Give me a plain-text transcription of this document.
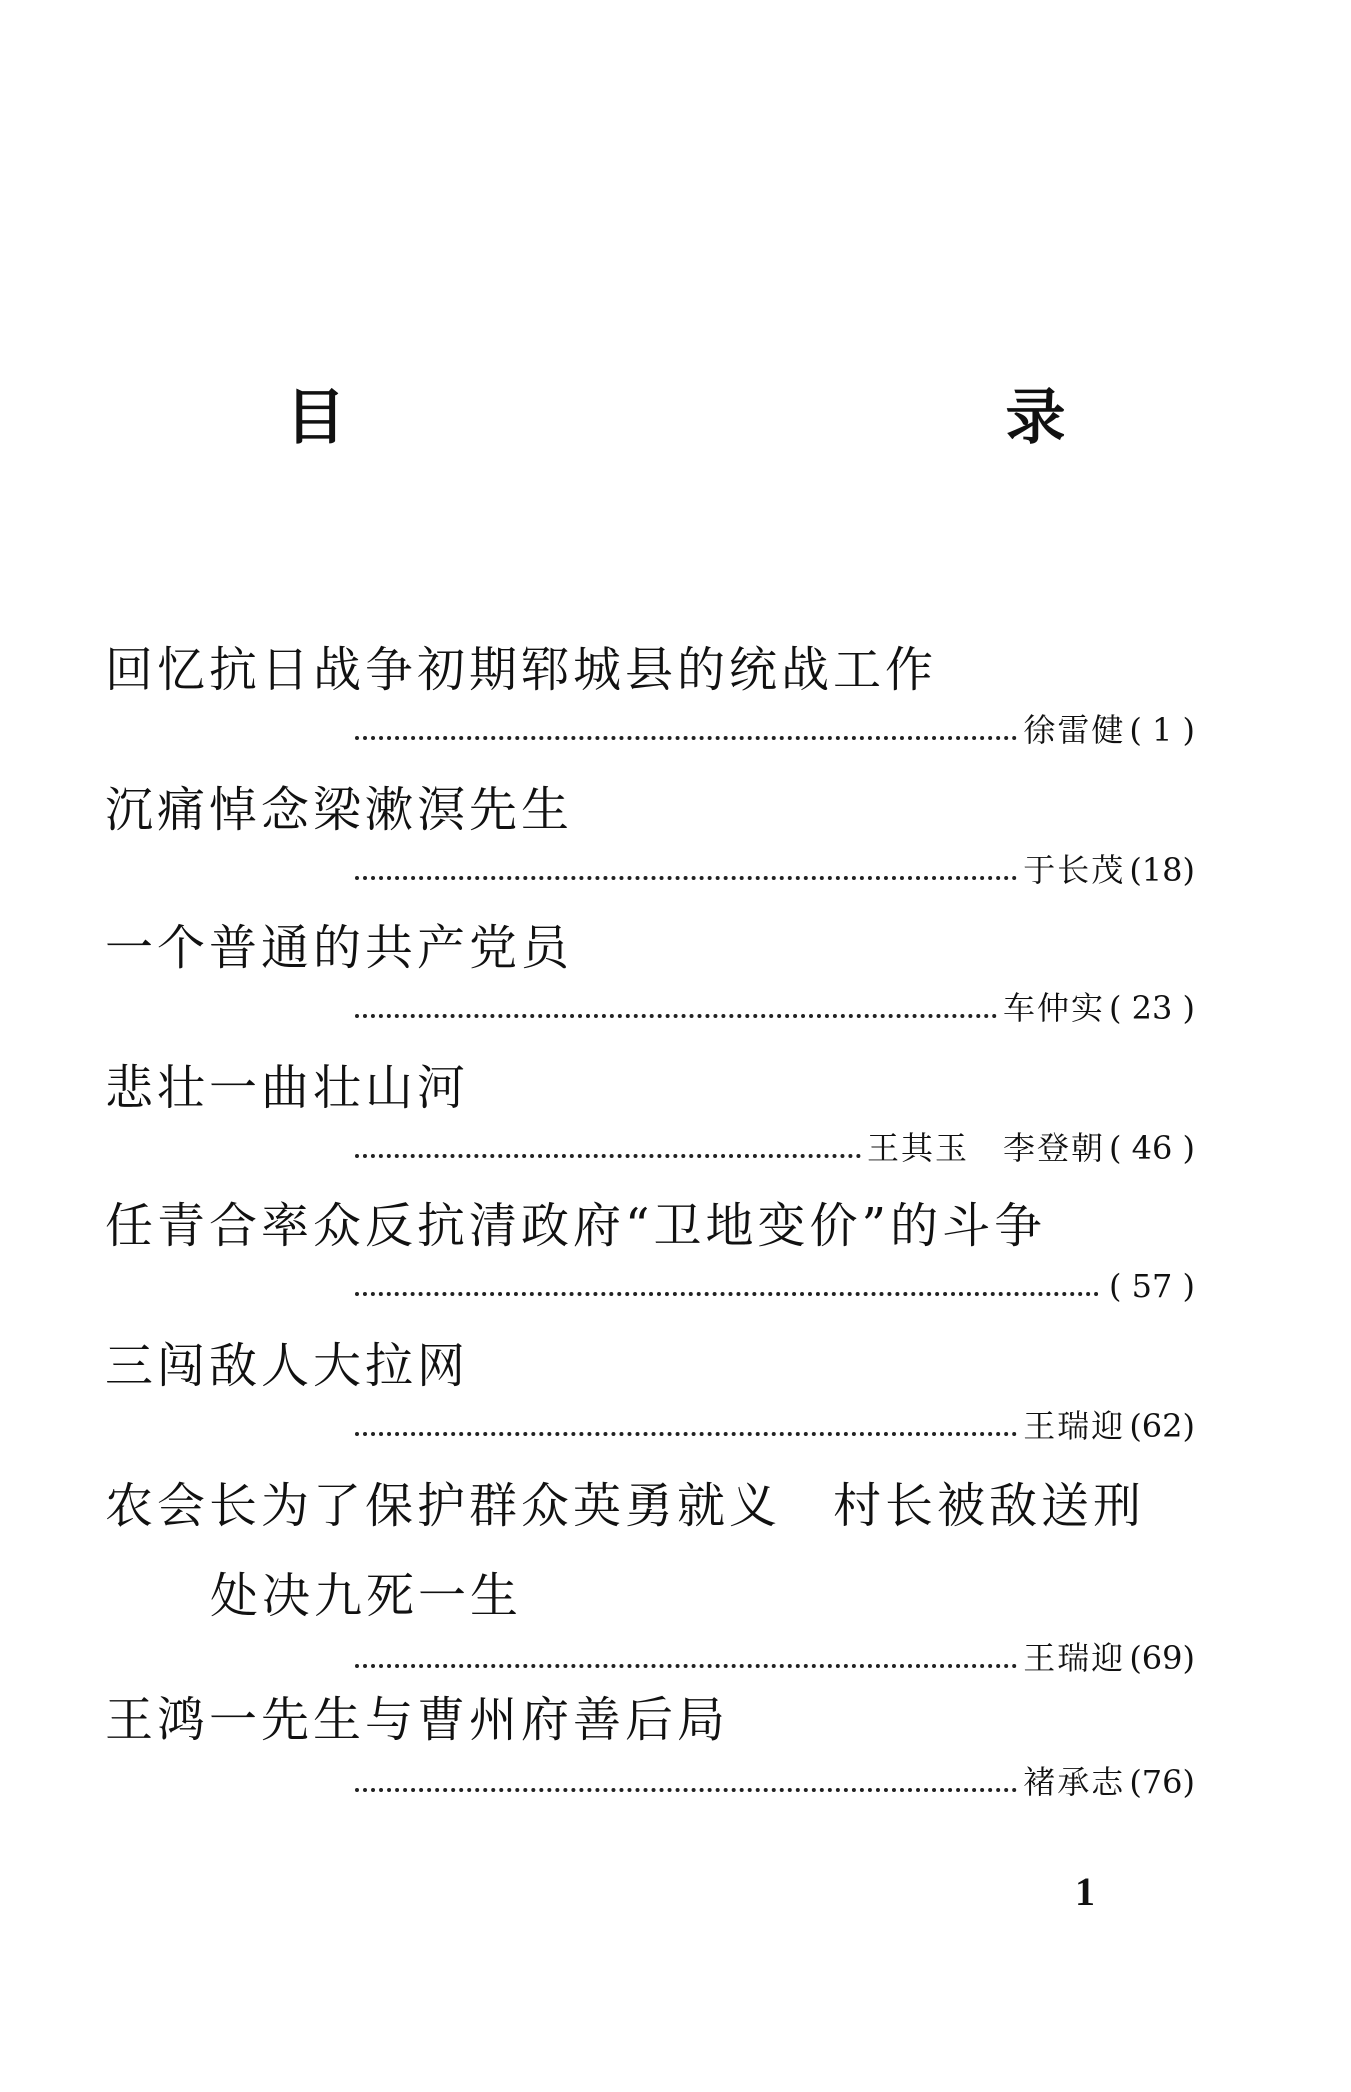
目　　录
回忆抗日战争初期郓城县的统战工作
徐雷健 ( 1 )
沉痛悼念梁漱溟先生
于长茂 (18)
一个普通的共产党员
车仲实 ( 23 )
悲壮一曲壮山河
王其玉　李登朝 ( 46 )
任青合率众反抗清政府“卫地变价”的斗争
( 57 )
三闯敌人大拉网
王瑞迎 (62)
农会长为了保护群众英勇就义　村长被敌送刑
处决九死一生
王瑞迎 (69)
王鸿一先生与曹州府善后局
褚承志 (76)
1
